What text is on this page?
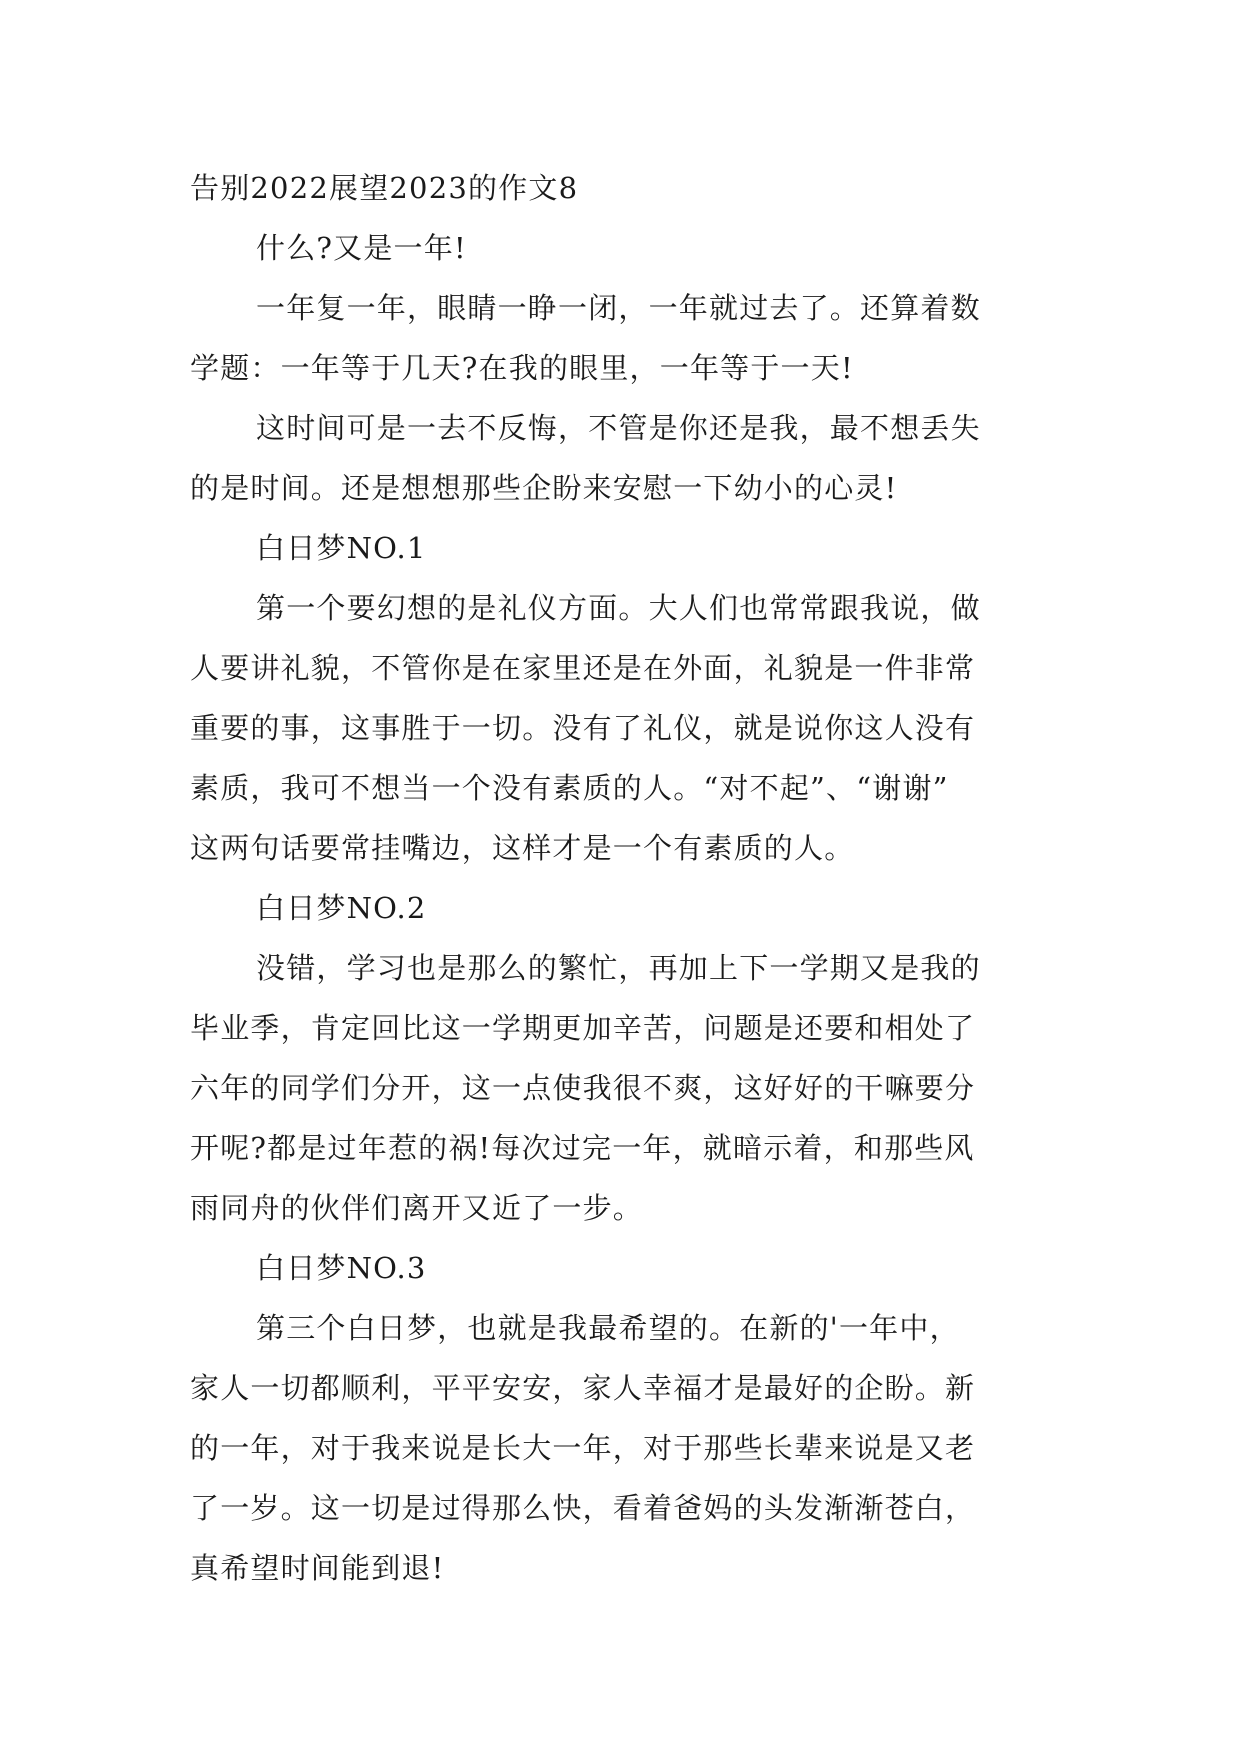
告别2022展望2023的作文8
什么?又是一年!
一年复一年，眼睛一睁一闭，一年就过去了。还算着数
学题：一年等于几天?在我的眼里，一年等于一天!
这时间可是一去不反悔，不管是你还是我，最不想丢失
的是时间。还是想想那些企盼来安慰一下幼小的心灵!
白日梦NO.1
第一个要幻想的是礼仪方面。大人们也常常跟我说，做
人要讲礼貌，不管你是在家里还是在外面，礼貌是一件非常
重要的事，这事胜于一切。没有了礼仪，就是说你这人没有
素质，我可不想当一个没有素质的人。“对不起”、“谢谢”
这两句话要常挂嘴边，这样才是一个有素质的人。
白日梦NO.2
没错，学习也是那么的繁忙，再加上下一学期又是我的
毕业季，肯定回比这一学期更加辛苦，问题是还要和相处了
六年的同学们分开，这一点使我很不爽，这好好的干嘛要分
开呢?都是过年惹的祸!每次过完一年，就暗示着，和那些风
雨同舟的伙伴们离开又近了一步。
白日梦NO.3
第三个白日梦，也就是我最希望的。在新的'一年中，
家人一切都顺利，平平安安，家人幸福才是最好的企盼。新
的一年，对于我来说是长大一年，对于那些长辈来说是又老
了一岁。这一切是过得那么快，看着爸妈的头发渐渐苍白，
真希望时间能到退!
